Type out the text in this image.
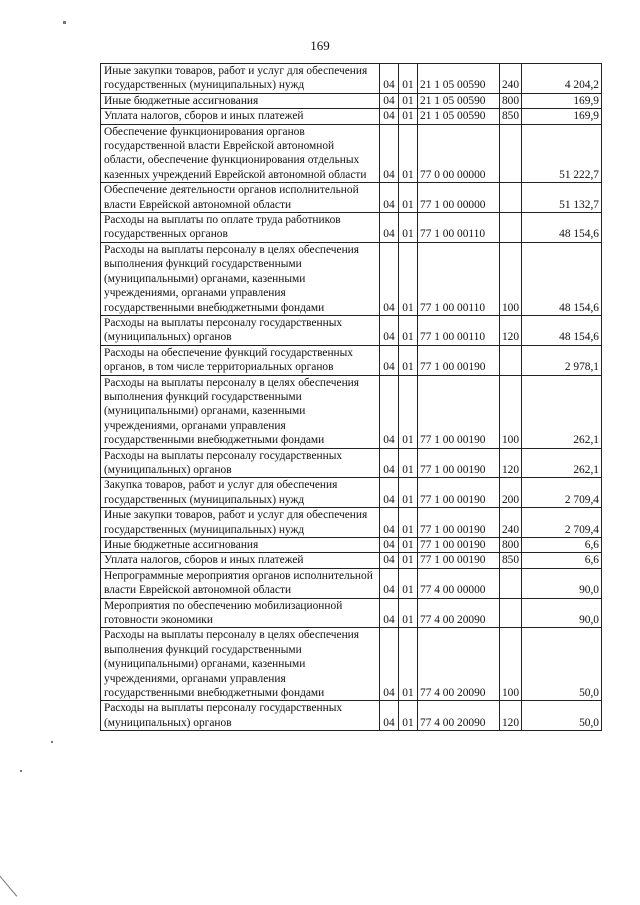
169
Иные закупки товаров, работ и услуг для обеспечения государственных (муниципальных) нужд	04	01	21 1 05 00590	240	4 204,2
Иные бюджетные ассигнования	04	01	21 1 05 00590	800	169,9
Уплата налогов, сборов и иных платежей	04	01	21 1 05 00590	850	169,9
Обеспечение функционирования органов государственной власти Еврейской автономной области, обеспечение функционирования отдельных казенных учреждений Еврейской автономной области	04	01	77 0 00 00000		51 222,7
Обеспечение деятельности органов исполнительной власти Еврейской автономной области	04	01	77 1 00 00000		51 132,7
Расходы на выплаты по оплате труда работников государственных органов	04	01	77 1 00 00110		48 154,6
Расходы на выплаты персоналу в целях обеспечения выполнения функций государственными (муниципальными) органами, казенными учреждениями, органами управления государственными внебюджетными фондами	04	01	77 1 00 00110	100	48 154,6
Расходы на выплаты персоналу государственных (муниципальных) органов	04	01	77 1 00 00110	120	48 154,6
Расходы на обеспечение функций государственных органов, в том числе территориальных органов	04	01	77 1 00 00190		2 978,1
Расходы на выплаты персоналу в целях обеспечения выполнения функций государственными (муниципальными) органами, казенными учреждениями, органами управления государственными внебюджетными фондами	04	01	77 1 00 00190	100	262,1
Расходы на выплаты персоналу государственных (муниципальных) органов	04	01	77 1 00 00190	120	262,1
Закупка товаров, работ и услуг для обеспечения государственных (муниципальных) нужд	04	01	77 1 00 00190	200	2 709,4
Иные закупки товаров, работ и услуг для обеспечения государственных (муниципальных) нужд	04	01	77 1 00 00190	240	2 709,4
Иные бюджетные ассигнования	04	01	77 1 00 00190	800	6,6
Уплата налогов, сборов и иных платежей	04	01	77 1 00 00190	850	6,6
Непрограммные мероприятия органов исполнительной власти Еврейской автономной области	04	01	77 4 00 00000		90,0
Мероприятия по обеспечению мобилизационной готовности экономики	04	01	77 4 00 20090		90,0
Расходы на выплаты персоналу в целях обеспечения выполнения функций государственными (муниципальными) органами, казенными учреждениями, органами управления государственными внебюджетными фондами	04	01	77 4 00 20090	100	50,0
Расходы на выплаты персоналу государственных (муниципальных) органов	04	01	77 4 00 20090	120	50,0
